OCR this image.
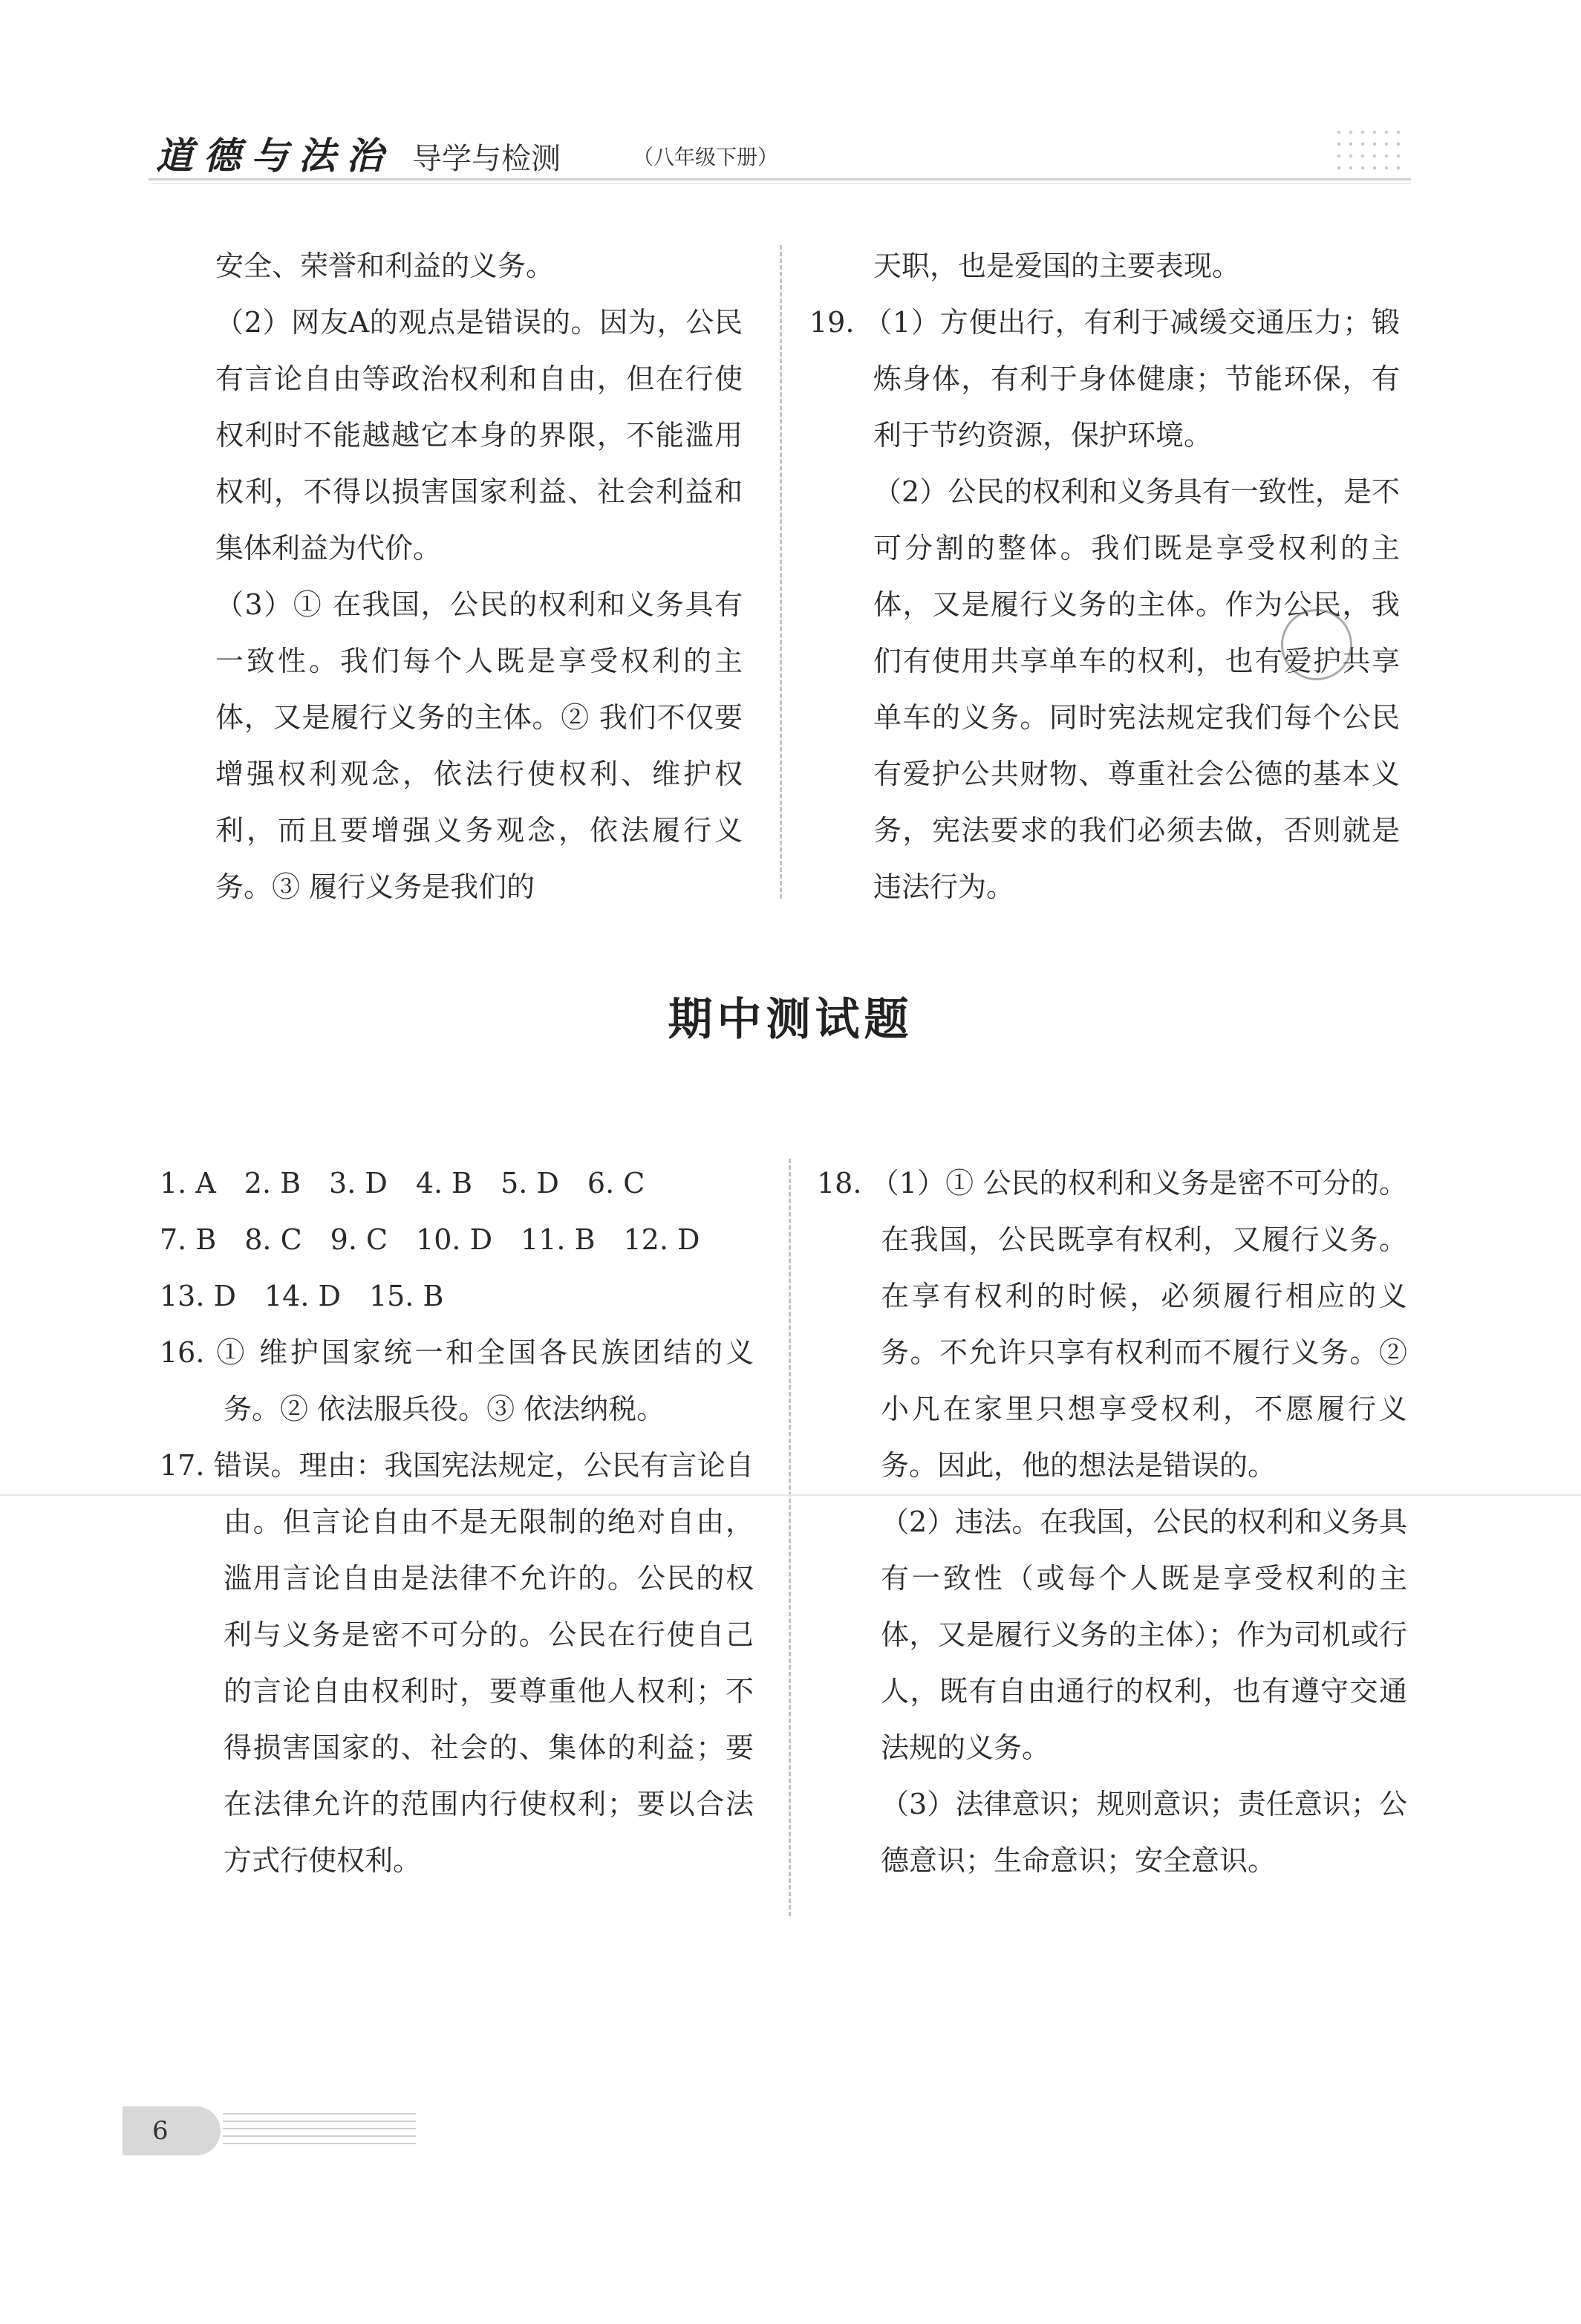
道德与法治 导学与检测	（八年级下册）

安全、荣誉和利益的义务。

（2）网友A的观点是错误的。因为，公民有言论自由等政治权利和自由，但在行使权利时不能越越它本身的界限，不能滥用权利，不得以损害国家利益、社会利益和集体利益为代价。

（3）① 在我国，公民的权利和义务具有一致性。我们每个人既是享受权利的主体，又是履行义务的主体。② 我们不仅要增强权利观念，依法行使权利、维护权利，而且要增强义务观念，依法履行义务。③ 履行义务是我们的

天职，也是爱国的主要表现。

19. （1）方便出行，有利于减缓交通压力；锻炼身体，有利于身体健康；节能环保，有利于节约资源，保护环境。

（2）公民的权利和义务具有一致性，是不可分割的整体。我们既是享受权利的主体，又是履行义务的主体。作为公民，我们有使用共享单车的权利，也有爱护共享单车的义务。同时宪法规定我们每个公民有爱护公共财物、尊重社会公德的基本义务，宪法要求的我们必须去做，否则就是违法行为。

期中测试题

1. A　2. B　3. D　4. B　5. D　6. C

7. B　8. C　9. C　10. D　11. B　12. D

13. D　14. D　15. B

16. ① 维护国家统一和全国各民族团结的义务。② 依法服兵役。③ 依法纳税。

17. 错误。理由：我国宪法规定，公民有言论自由。但言论自由不是无限制的绝对自由，滥用言论自由是法律不允许的。公民的权利与义务是密不可分的。公民在行使自己的言论自由权利时，要尊重他人权利；不得损害国家的、社会的、集体的利益；要在法律允许的范围内行使权利；要以合法方式行使权利。

18. （1）① 公民的权利和义务是密不可分的。在我国，公民既享有权利，又履行义务。在享有权利的时候，必须履行相应的义务。不允许只享有权利而不履行义务。② 小凡在家里只想享受权利，不愿履行义务。因此，他的想法是错误的。

（2）违法。在我国，公民的权利和义务具有一致性（或每个人既是享受权利的主体，又是履行义务的主体）；作为司机或行人，既有自由通行的权利，也有遵守交通法规的义务。

（3）法律意识；规则意识；责任意识；公德意识；生命意识；安全意识。

6
